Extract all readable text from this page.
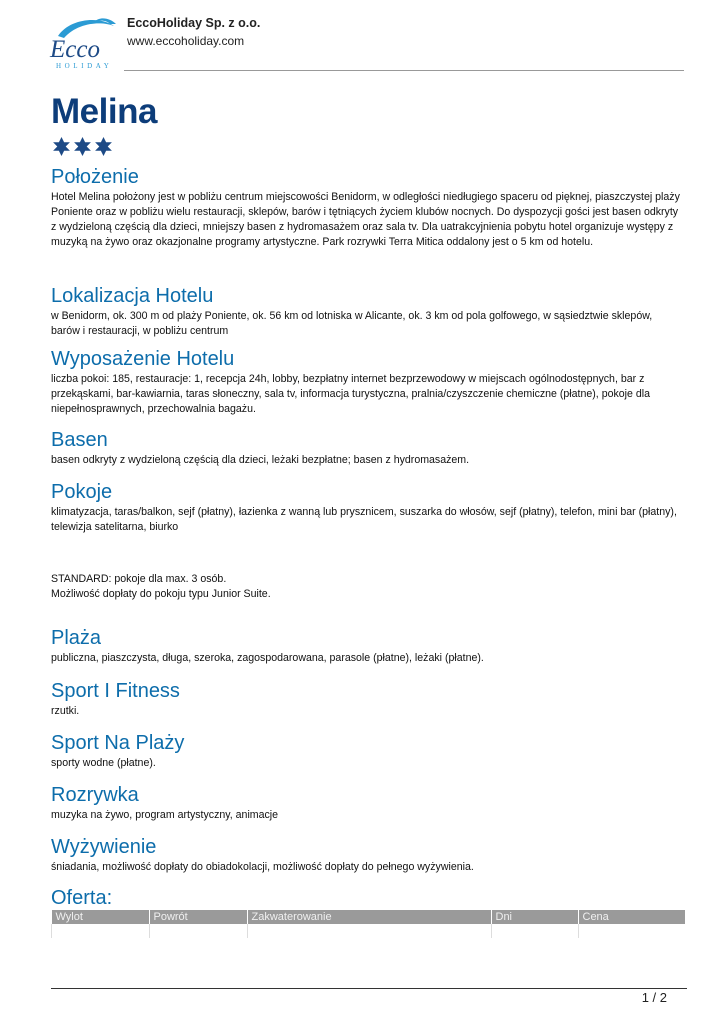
Ecco
HOLIDAY
EccoHoliday Sp. z o.o.
www.eccoholiday.com
Melina
Położenie

Hotel Melina położony jest w pobliżu centrum miejscowości Benidorm, w odległości niedługiego spaceru od pięknej, piaszczystej plaży Poniente oraz w pobliżu wielu restauracji, sklepów, barów i tętniących życiem klubów nocnych. Do dyspozycji gości jest basen odkryty z wydzieloną częścią dla dzieci, mniejszy basen z hydromasażem oraz sala tv. Dla uatrakcyjnienia pobytu hotel organizuje występy z muzyką na żywo oraz okazjonalne programy artystyczne. Park rozrywki Terra Mitica oddalony jest o 5 km od hotelu.

Lokalizacja Hotelu

w Benidorm, ok. 300 m od plaży Poniente, ok. 56 km od lotniska w Alicante, ok. 3 km od pola golfowego, w sąsiedztwie sklepów, barów i restauracji, w pobliżu centrum

Wyposażenie Hotelu

liczba pokoi: 185, restauracje: 1, recepcja 24h, lobby, bezpłatny internet bezprzewodowy w miejscach ogólnodostępnych, bar z przekąskami, bar-kawiarnia, taras słoneczny, sala tv, informacja turystyczna, pralnia/czyszczenie chemiczne (płatne), pokoje dla niepełnosprawnych, przechowalnia bagażu.

Basen

basen odkryty z wydzieloną częścią dla dzieci, leżaki bezpłatne; basen z hydromasażem.

Pokoje

klimatyzacja, taras/balkon, sejf (płatny), łazienka z wanną lub prysznicem, suszarka do włosów, sejf (płatny), telefon, mini bar (płatny), telewizja satelitarna, biurko

STANDARD: pokoje dla max. 3 osób.

Możliwość dopłaty do pokoju typu Junior Suite.

Plaża

publiczna, piaszczysta, długa, szeroka, zagospodarowana, parasole (płatne), leżaki (płatne).

Sport I Fitness

rzutki.

Sport Na Plaży

sporty wodne (płatne).

Rozrywka

muzyka na żywo, program artystyczny, animacje

Wyżywienie

śniadania, możliwość dopłaty do obiadokolacji, możliwość dopłaty do pełnego wyżywienia.

Oferta:
Wylot	Powrót	Zakwaterowanie	Dni	Cena

1 / 2
